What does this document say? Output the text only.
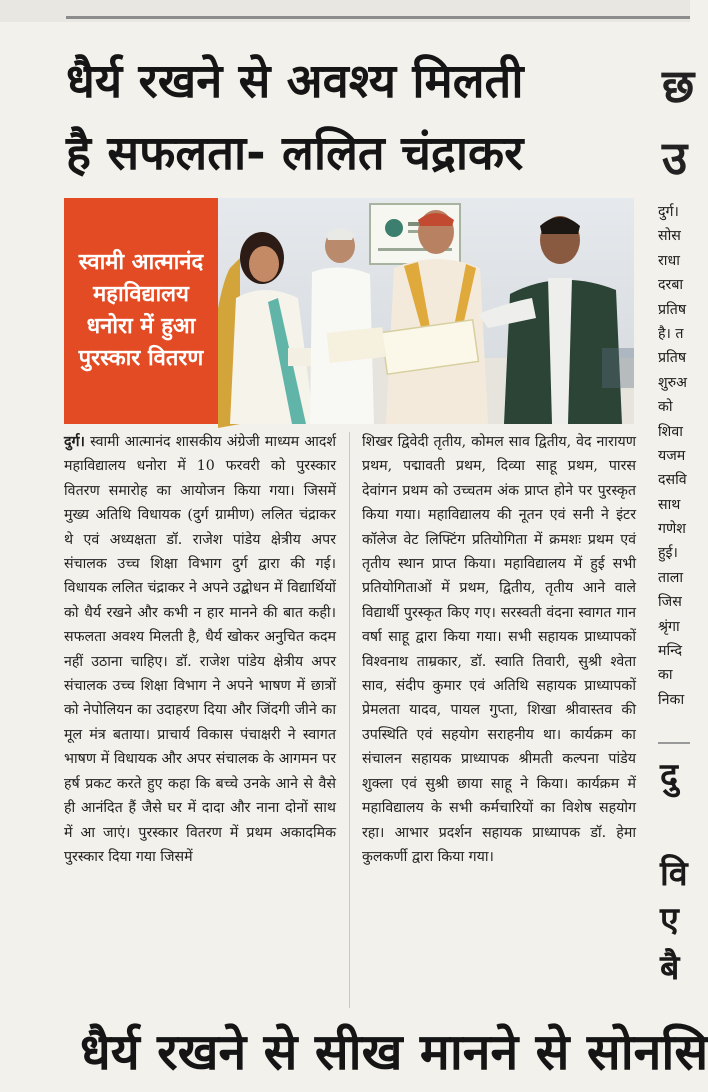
धैर्य रखने से अवश्य मिलती
है सफलता- ललित चंद्राकर
छ
उ
स्वामी आत्मानंद महाविद्यालय धनोरा में हुआ पुरस्कार वितरण
दुर्ग। स्वामी आत्मानंद शासकीय अंग्रेजी माध्यम आदर्श महाविद्यालय धनोरा में 10 फरवरी को पुरस्कार वितरण समारोह का आयोजन किया गया। जिसमें मुख्य अतिथि विधायक (दुर्ग ग्रामीण) ललित चंद्राकर थे एवं अध्यक्षता डॉ. राजेश पांडेय क्षेत्रीय अपर संचालक उच्च शिक्षा विभाग दुर्ग द्वारा की गई। विधायक ललित चंद्राकर ने अपने उद्बोधन में विद्यार्थियों को धैर्य रखने और कभी न हार मानने की बात कही। सफलता अवश्य मिलती है, धैर्य खोकर अनुचित कदम नहीं उठाना चाहिए। डॉ. राजेश पांडेय क्षेत्रीय अपर संचालक उच्च शिक्षा विभाग ने अपने भाषण में छात्रों को नेपोलियन का उदाहरण दिया और जिंदगी जीने का मूल मंत्र बताया। प्राचार्य विकास पंचाक्षरी ने स्वागत भाषण में विधायक और अपर संचालक के आगमन पर हर्ष प्रकट करते हुए कहा कि बच्चे उनके आने से वैसे ही आनंदित हैं जैसे घर में दादा और नाना दोनों साथ में आ जाएं। पुरस्कार वितरण में प्रथम अकादमिक पुरस्कार दिया गया जिसमें
शिखर द्विवेदी तृतीय, कोमल साव द्वितीय, वेद नारायण प्रथम, पद्मावती प्रथम, दिव्या साहू प्रथम, पारस देवांगन प्रथम को उच्चतम अंक प्राप्त होने पर पुरस्कृत किया गया। महाविद्यालय की नूतन एवं सनी ने इंटर कॉलेज वेट लिफ्टिंग प्रतियोगिता में क्रमशः प्रथम एवं तृतीय स्थान प्राप्त किया। महाविद्यालय में हुई सभी प्रतियोगिताओं में प्रथम, द्वितीय, तृतीय आने वाले विद्यार्थी पुरस्कृत किए गए। सरस्वती वंदना स्वागत गान वर्षा साहू द्वारा किया गया। सभी सहायक प्राध्यापकों विश्वनाथ ताम्रकार, डॉ. स्वाति तिवारी, सुश्री श्वेता साव, संदीप कुमार एवं अतिथि सहायक प्राध्यापकों प्रेमलता यादव, पायल गुप्ता, शिखा श्रीवास्तव की उपस्थिति एवं सहयोग सराहनीय था। कार्यक्रम का संचालन सहायक प्राध्यापक श्रीमती कल्पना पांडेय शुक्ला एवं सुश्री छाया साहू ने किया। कार्यक्रम में महाविद्यालय के सभी कर्मचारियों का विशेष सहयोग रहा। आभार प्रदर्शन सहायक प्राध्यापक डॉ. हेमा कुलकर्णी द्वारा किया गया।
दुर्ग।
सोस
राधा
दरबा
प्रतिष
है। त
प्रतिष
शुरुअ
को
शिवा
यजम
दसवि
साथ
गणेश
हुई।
ताला
जिस
श्रृंगा
मन्दि
का
निका
दु
वि
ए
बै
धैर्य रखने से सीख मानने से सोनसि
